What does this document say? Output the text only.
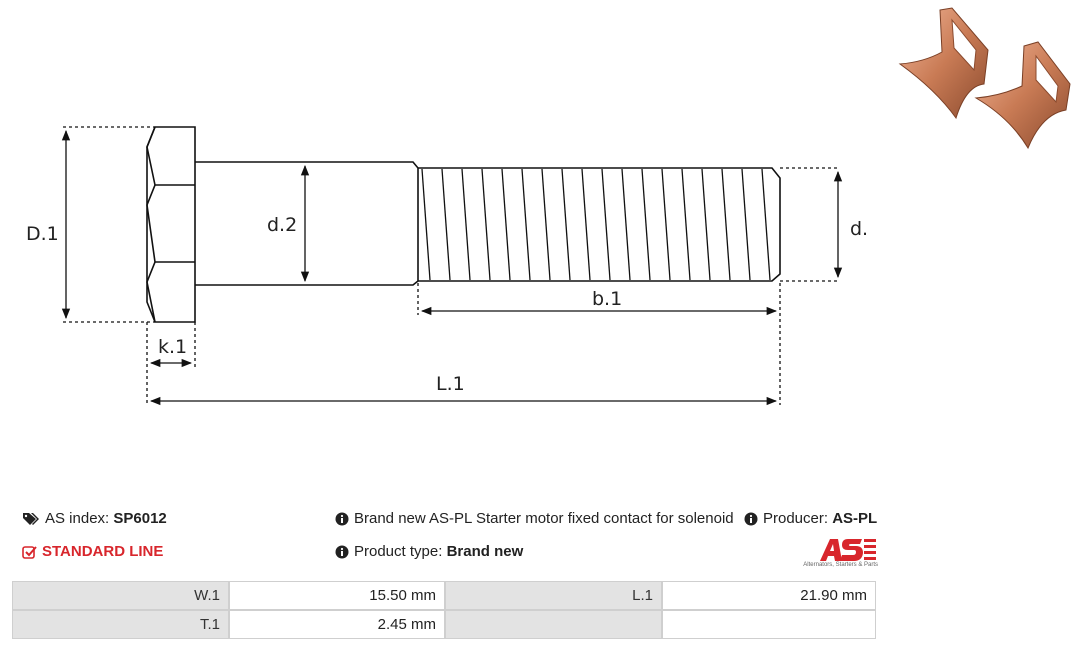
D.1	d.2	d.
b.1
k.1
L.1
AS index: SP6012
STANDARD LINE
Brand new AS-PL Starter motor fixed contact for solenoid	Producer: AS-PL
Product type: Brand new
Alternators, Starters & Parts
W.1	15.50 mm	L.1	21.90 mm
T.1	2.45 mm		
